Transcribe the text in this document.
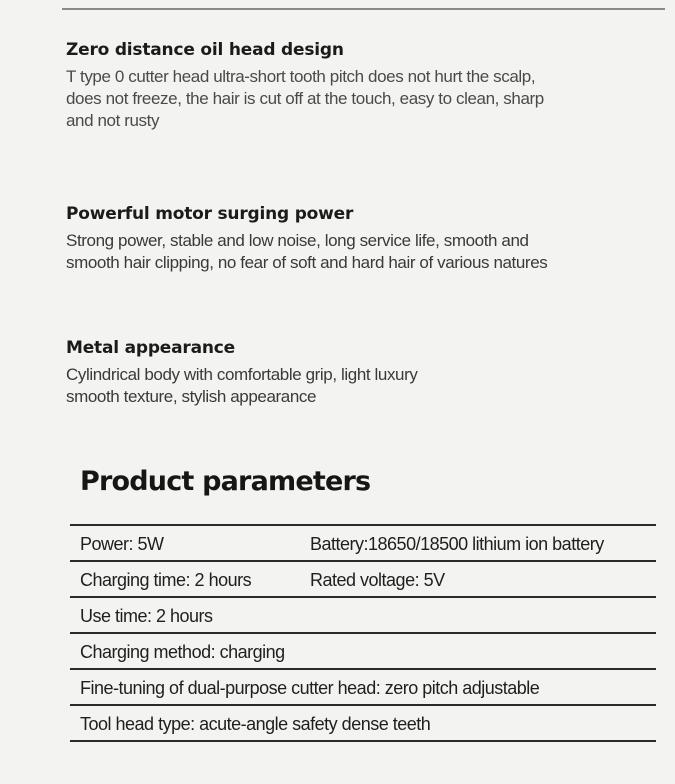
Zero distance oil head design

T type 0 cutter head ultra-short tooth pitch does not hurt the scalp,

does not freeze, the hair is cut off at the touch, easy to clean, sharp

and not rusty

Powerful motor surging power

Strong power, stable and low noise, long service life, smooth and

smooth hair clipping, no fear of soft and hard hair of various natures

Metal appearance

Cylindrical body with comfortable grip, light luxury

smooth texture, stylish appearance

Product parameters
Power: 5W	Battery:18650/18500 lithium ion battery
Charging time: 2 hours	Rated voltage: 5V
Use time: 2 hours
Charging method: charging
Fine-tuning of dual-purpose cutter head: zero pitch adjustable
Tool head type: acute-angle safety dense teeth
